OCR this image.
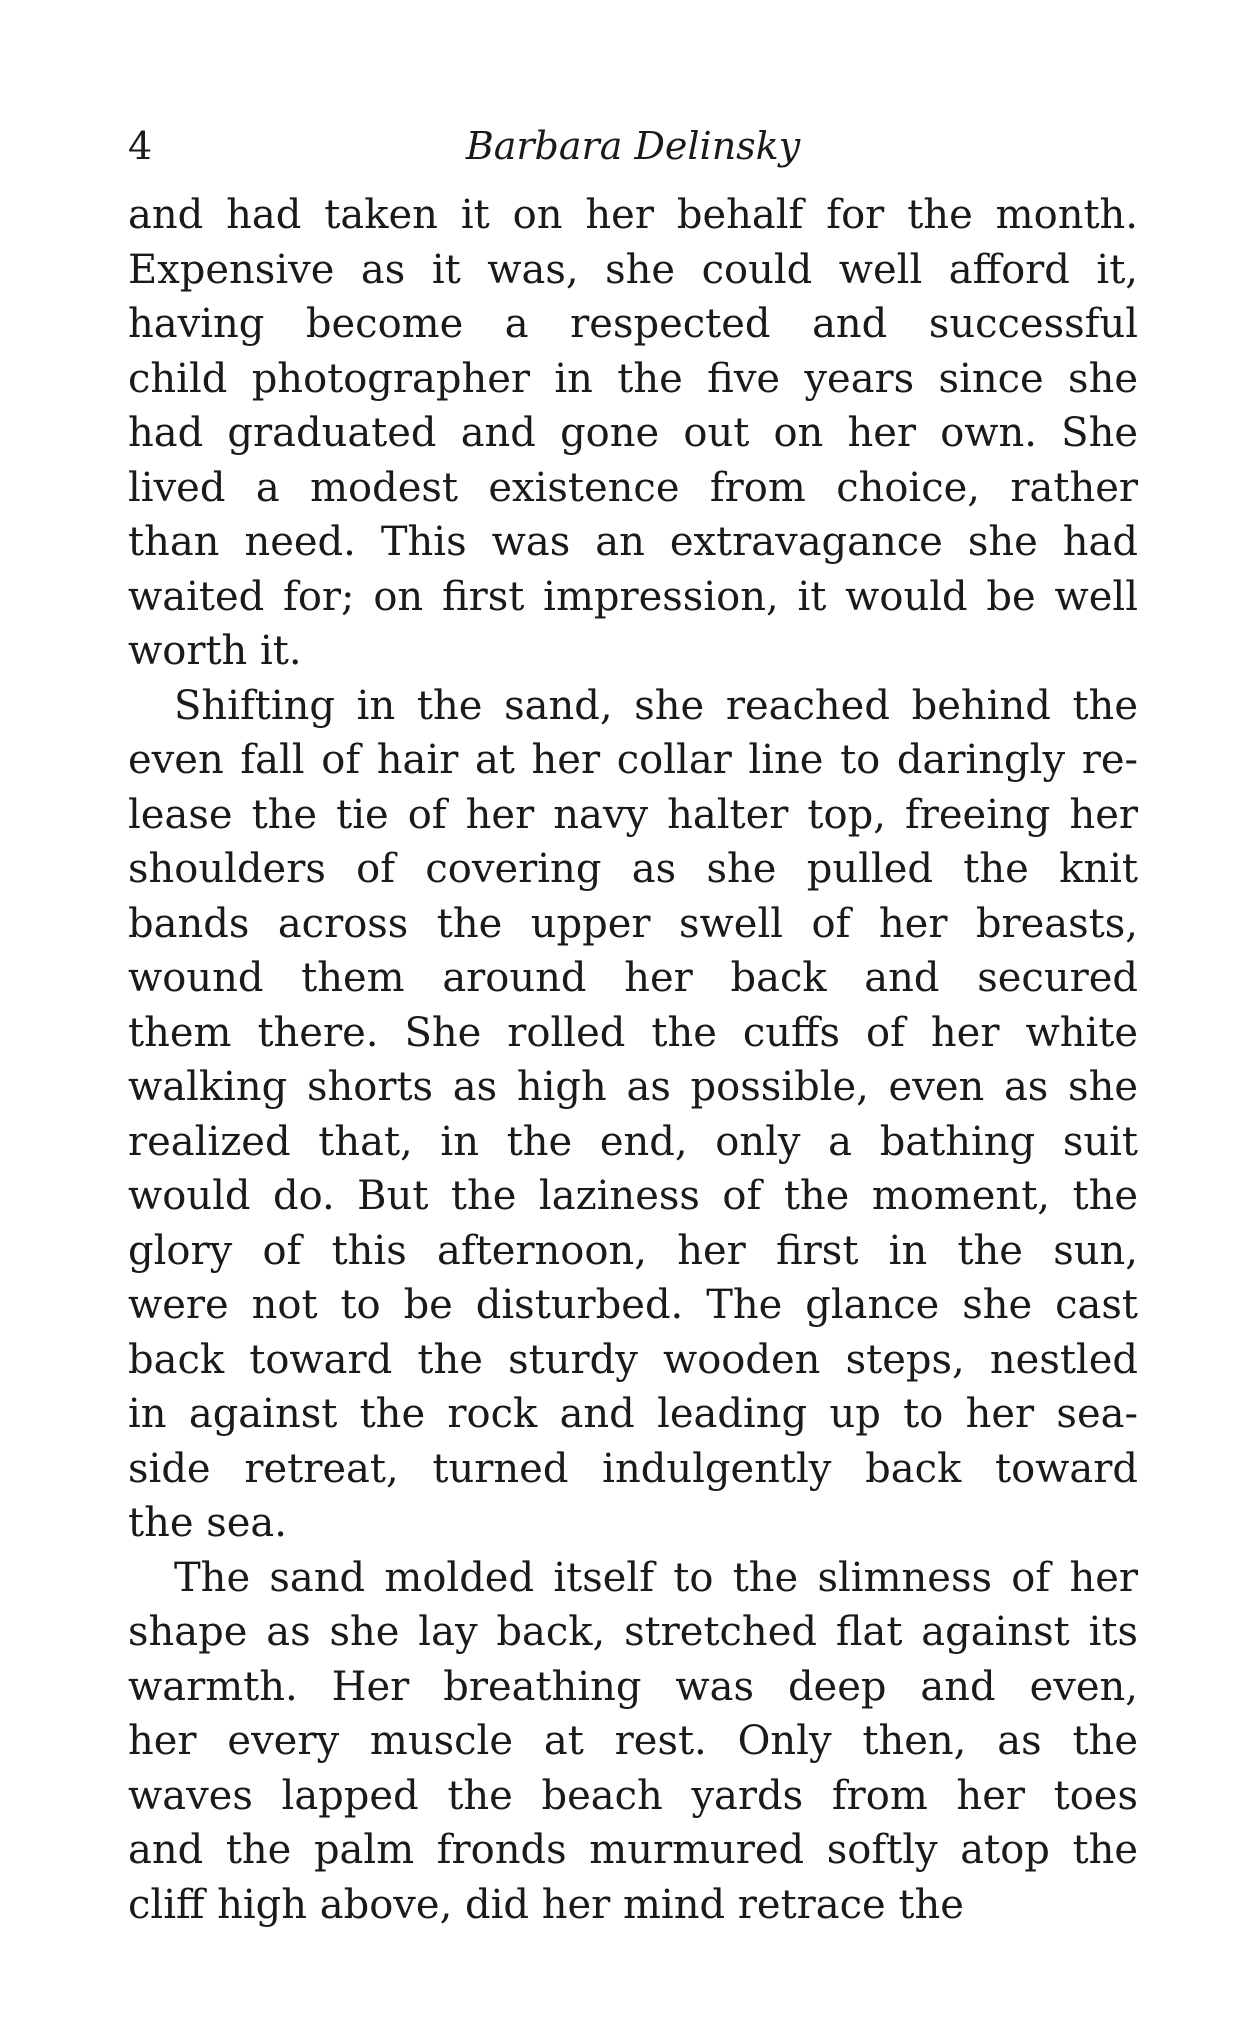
4	Barbara Delinsky
and had taken it on her behalf for the month.
Expensive as it was, she could well afford it,
having become a respected and successful
child photographer in the five years since she
had graduated and gone out on her own. She
lived a modest existence from choice, rather
than need. This was an extravagance she had
waited for; on first impression, it would be well
worth it.
Shifting in the sand, she reached behind the
even fall of hair at her collar line to daringly re-
lease the tie of her navy halter top, freeing her
shoulders of covering as she pulled the knit
bands across the upper swell of her breasts,
wound them around her back and secured
them there. She rolled the cuffs of her white
walking shorts as high as possible, even as she
realized that, in the end, only a bathing suit
would do. But the laziness of the moment, the
glory of this afternoon, her first in the sun,
were not to be disturbed. The glance she cast
back toward the sturdy wooden steps, nestled
in against the rock and leading up to her sea-
side retreat, turned indulgently back toward
the sea.
The sand molded itself to the slimness of her
shape as she lay back, stretched flat against its
warmth. Her breathing was deep and even,
her every muscle at rest. Only then, as the
waves lapped the beach yards from her toes
and the palm fronds murmured softly atop the
cliff high above, did her mind retrace the
